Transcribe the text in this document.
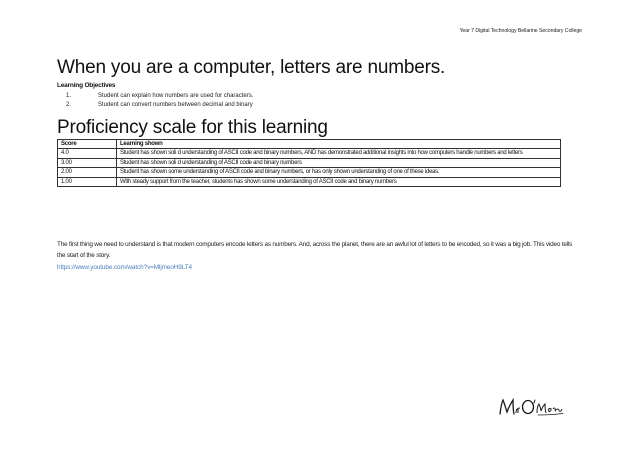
Year 7 Digital Technology Bellarine Secondary College
When you are a computer, letters are numbers.
Learning Objectives
1.	Student can explain how numbers are used for characters.
2.	Student can convert numbers between decimal and binary
Proficiency scale for this learning
Score	Learning shown
4.0	Student has shown soli d understanding of ASCII code and binary numbers, AND has demonstrated additional insights into how computers handle numbers and letters
3.00	Student has shown soli d understanding of ASCII code and binary numbers
2.00	Student has shown some understanding of ASCII code and binary numbers, or has only shown understanding of one of these ideas.
1.00	With steady support from the teacher, students has shown some understanding of ASCII code and binary numbers
The first thing we need to understand is that modern computers encode letters as numbers. And, across the planet, there are an awful lot of letters to be encoded, so it was a big job. This video tells the start of the story.
https://www.youtube.com/watch?v=MljmeoH9LT4
